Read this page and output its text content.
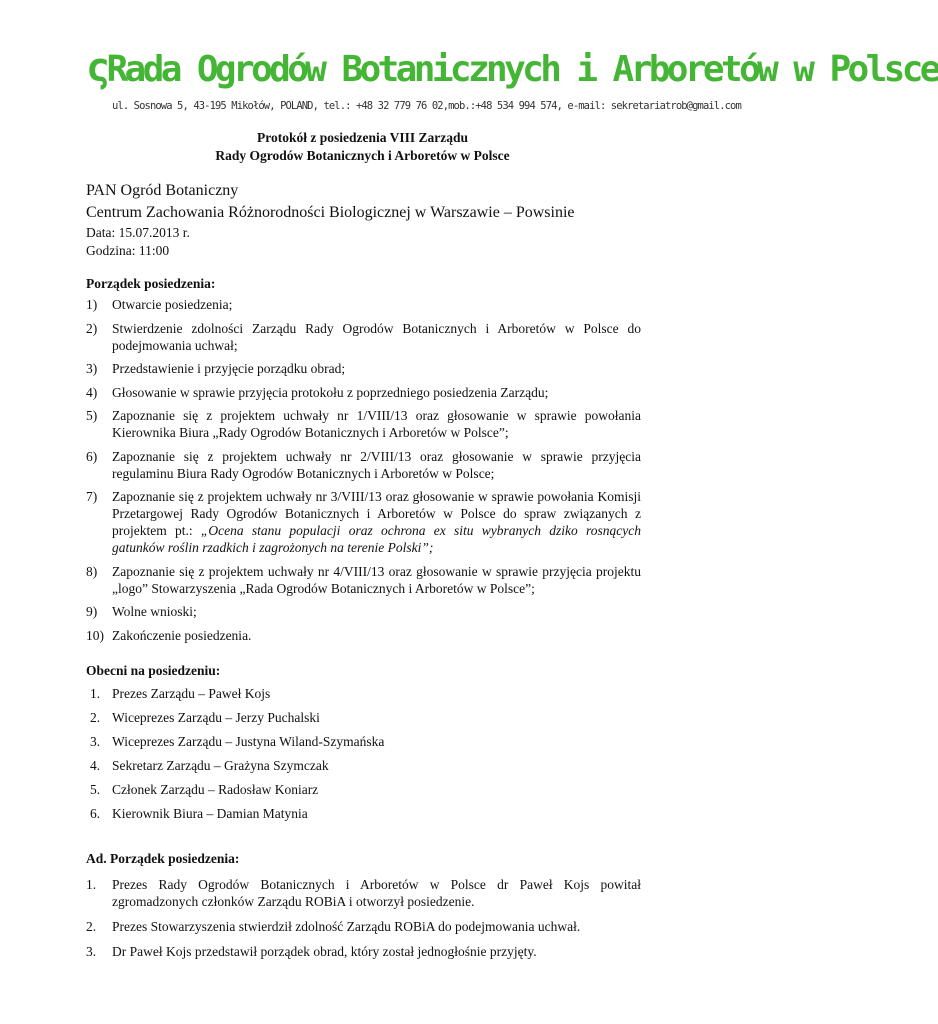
ςRada Ogrodów Botanicznych i Arboretów w Polsce
ul. Sosnowa 5, 43-195 Mikołów, POLAND, tel.: +48 32 779 76 02,mob.:+48 534 994 574, e-mail: sekretariatrob@gmail.com
Protokół z posiedzenia VIII Zarządu
Rady Ogrodów Botanicznych i Arboretów w Polsce
PAN Ogród Botaniczny
Centrum Zachowania Różnorodności Biologicznej w Warszawie – Powsinie
Data: 15.07.2013 r.
Godzina: 11:00
Porządek posiedzenia:
1) Otwarcie posiedzenia;
2) Stwierdzenie zdolności Zarządu Rady Ogrodów Botanicznych i Arboretów w Polsce do podejmowania uchwał;
3) Przedstawienie i przyjęcie porządku obrad;
4) Głosowanie w sprawie przyjęcia protokołu z poprzedniego posiedzenia Zarządu;
5) Zapoznanie się z projektem uchwały nr 1/VIII/13 oraz głosowanie w sprawie powołania Kierownika Biura „Rady Ogrodów Botanicznych i Arboretów w Polsce”;
6) Zapoznanie się z projektem uchwały nr 2/VIII/13 oraz głosowanie w sprawie przyjęcia regulaminu Biura Rady Ogrodów Botanicznych i Arboretów w Polsce;
7) Zapoznanie się z projektem uchwały nr 3/VIII/13 oraz głosowanie w sprawie powołania Komisji Przetargowej Rady Ogrodów Botanicznych i Arboretów w Polsce do spraw związanych z projektem pt.: „Ocena stanu populacji oraz ochrona ex situ wybranych dziko rosnących gatunków roślin rzadkich i zagrożonych na terenie Polski”;
8) Zapoznanie się z projektem uchwały nr 4/VIII/13 oraz głosowanie w sprawie przyjęcia projektu „logo” Stowarzyszenia „Rada Ogrodów Botanicznych i Arboretów w Polsce”;
9) Wolne wnioski;
10) Zakończenie posiedzenia.
Obecni na posiedzeniu:
1. Prezes Zarządu – Paweł Kojs
2. Wiceprezes Zarządu – Jerzy Puchalski
3. Wiceprezes Zarządu – Justyna Wiland-Szymańska
4. Sekretarz Zarządu – Grażyna Szymczak
5. Członek Zarządu – Radosław Koniarz
6. Kierownik Biura – Damian Matynia
Ad. Porządek posiedzenia:
1. Prezes Rady Ogrodów Botanicznych i Arboretów w Polsce dr Paweł Kojs powitał zgromadzonych członków Zarządu ROBiA i otworzył posiedzenie.
2. Prezes Stowarzyszenia stwierdził zdolność Zarządu ROBiA do podejmowania uchwał.
3. Dr Paweł Kojs przedstawił porządek obrad, który został jednogłośnie przyjęty.
